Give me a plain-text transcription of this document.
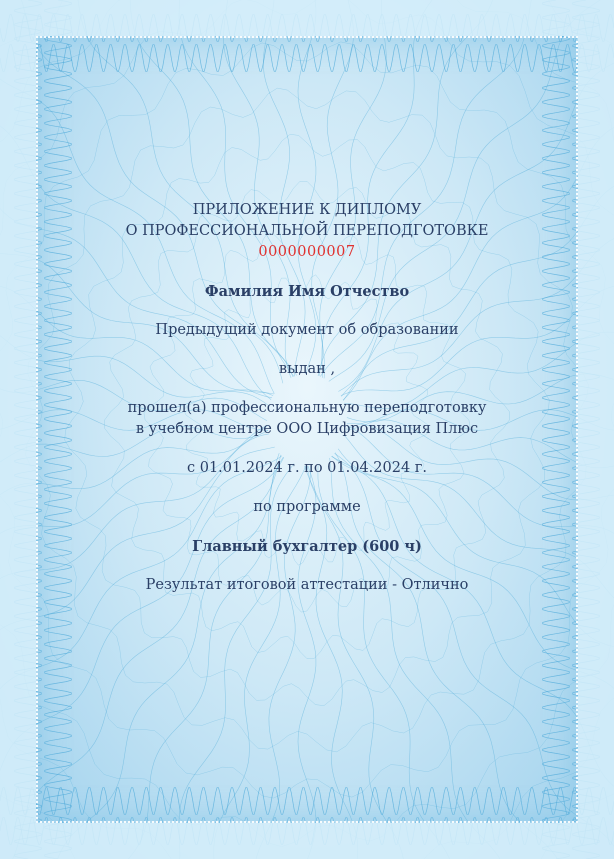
ПРИЛОЖЕНИЕ К ДИПЛОМУ
О ПРОФЕССИОНАЛЬНОЙ ПЕРЕПОДГОТОВКЕ
0000000007
Фамилия Имя Отчество
Предыдущий документ об образовании
выдан ,
прошел(а) профессиональную переподготовку
в учебном центре ООО Цифровизация Плюс
с 01.01.2024 г. по 01.04.2024 г.
по программе
Главный бухгалтер (600 ч)
Результат итоговой аттестации - Отлично
